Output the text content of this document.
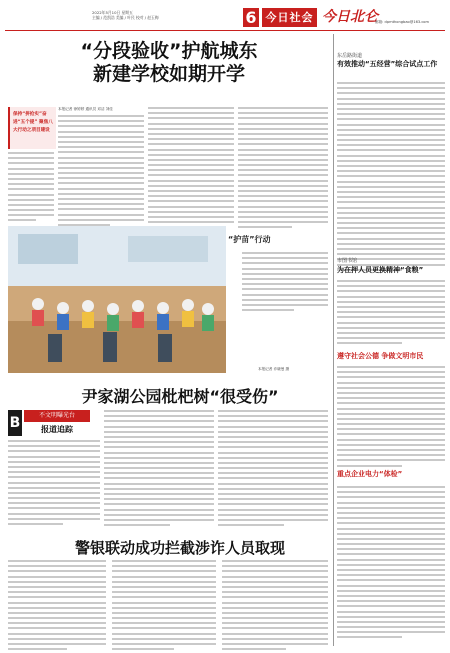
2022年5月10日 星期五
主编 / 范凯浩 美编 / 叶民 校对 / 赵玉梅	6 今日社会 今日北仑
邮箱: dpmthongbao@163.com
“分段验收”护航城东
新建学校如期开学
保持“拼抢实”奋进“五个提” 聚焦八大行动之项目建设
本报记者 徐婷婷 通讯员 邓洁 刘佳
“护苗”行动
本报记者 乔晓曼 摄
尹家湖公园枇杷树“很受伤”
B	不文明曝光台
报道追踪
警银联动成功拦截涉诈人员取现
东岳路街道
有效推动“五经营”综合试点工作
市图书馆
为在押人员更换精神“食粮”
遵守社会公德 争做文明市民
重点企业电力“体检”
